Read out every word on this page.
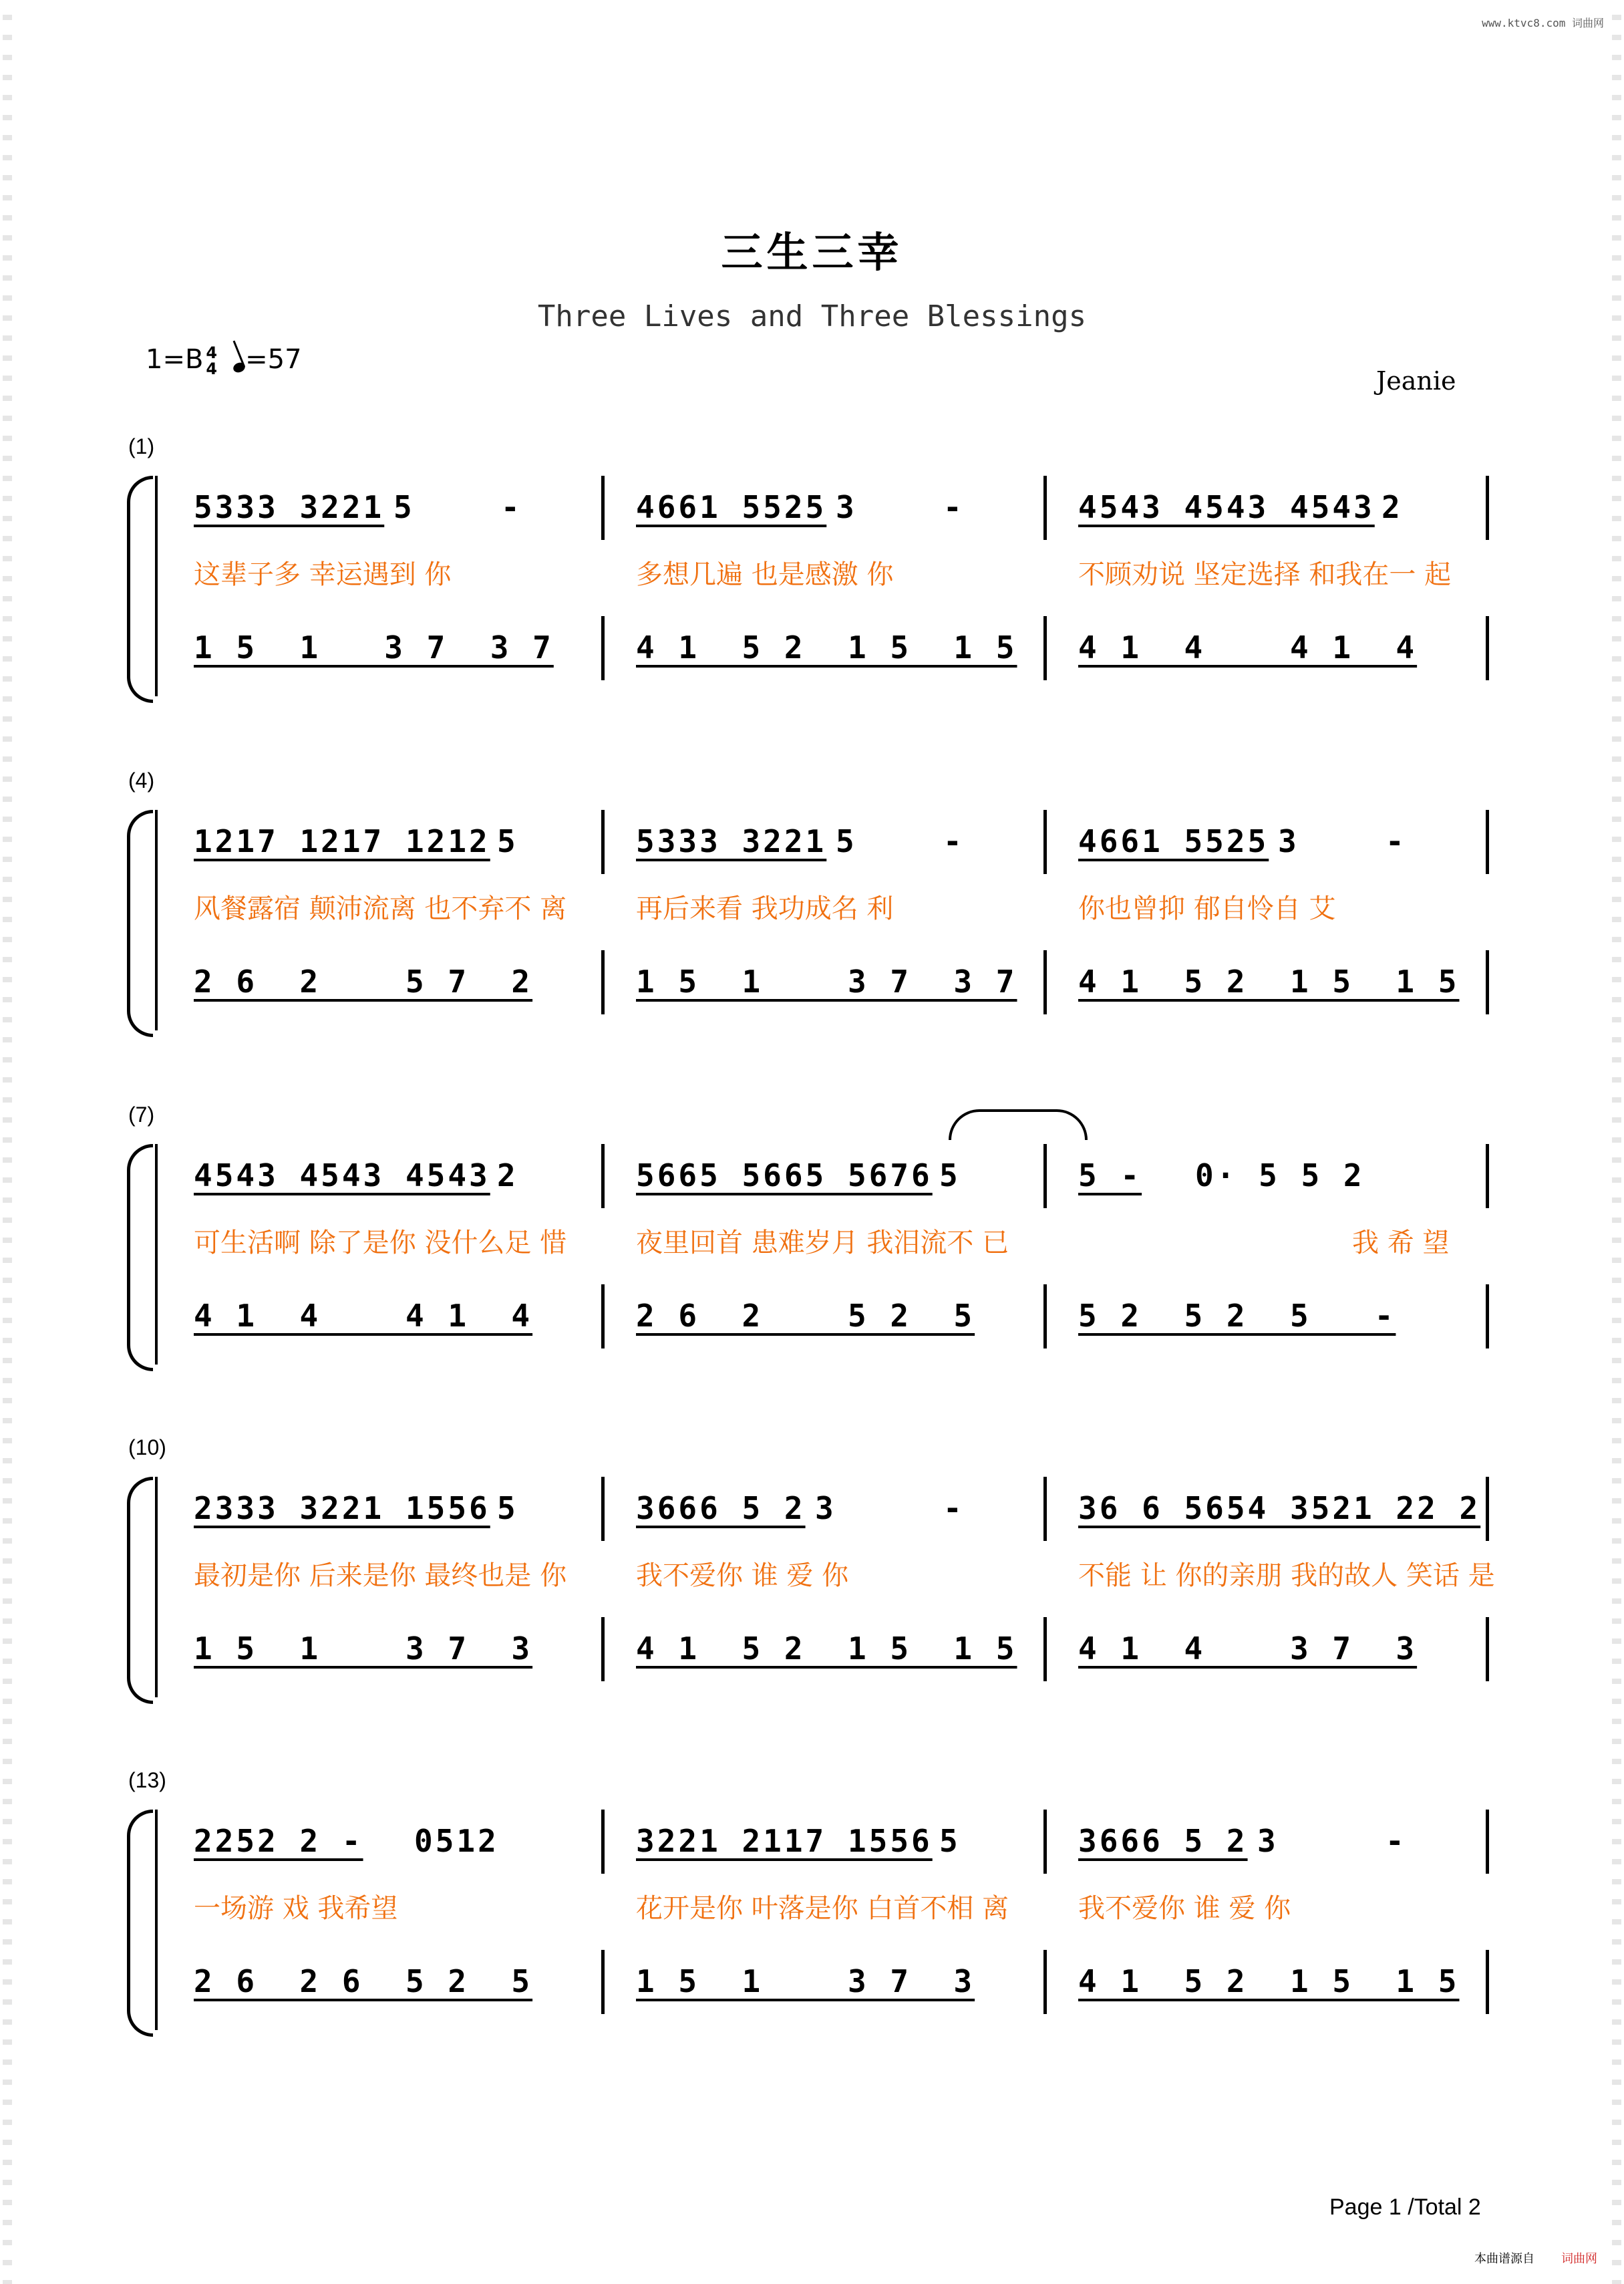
www.ktvc8.com 词曲网
三生三幸
Three Lives and Three Blessings
1=B 4
4 =57
Jeanie
(1)
5333 3221 5	-	4661 5525 3	-	4543 4543 4543 2
这辈子多 幸运遇到 你	多想几遍 也是感激 你	不顾劝说 坚定选择 和我在一 起
1 5  1   3 7  3 7	4 1  5 2  1 5  1 5 4 1  4    4 1  4
(4)
1217 1217 1212 5	5333 3221 5	-	4661 5525 3	-
风餐露宿 颠沛流离 也不弃不 离	再后来看 我功成名 利	你也曾抑 郁自怜自 艾
2 6  2    5 7  2	1 5  1    3 7  3 7 4 1  5 2  1 5  1 5
(7)
4543 4543 4543 2	5665 5665 5676 5	5 - 0· 5 5 2
可生活啊 除了是你 没什么足 惜	夜里回首 患难岁月 我泪流不 已	我 希 望
4 1  4    4 1  4	2 6  2    5 2  5	5 2  5 2  5   -
(10)
2333 3221 1556 5	3666 5 2 3	-	36 6 5654 3521 22 2
最初是你 后来是你 最终也是 你	我不爱你 谁 爱 你	不能 让 你的亲朋 我的故人 笑话 是
1 5  1    3 7  3	4 1  5 2  1 5  1 5 4 1  4    3 7  3
(13)
2252 2 - 0512	3221 2117 1556 5	3666 5 2 3	-
一场游 戏 我希望	花开是你 叶落是你 白首不相 离	我不爱你 谁 爱 你
2 6  2 6  5 2  5	1 5  1    3 7  3	4 1  5 2  1 5  1 5
Page 1 /Total 2
本曲谱源自 词曲网
